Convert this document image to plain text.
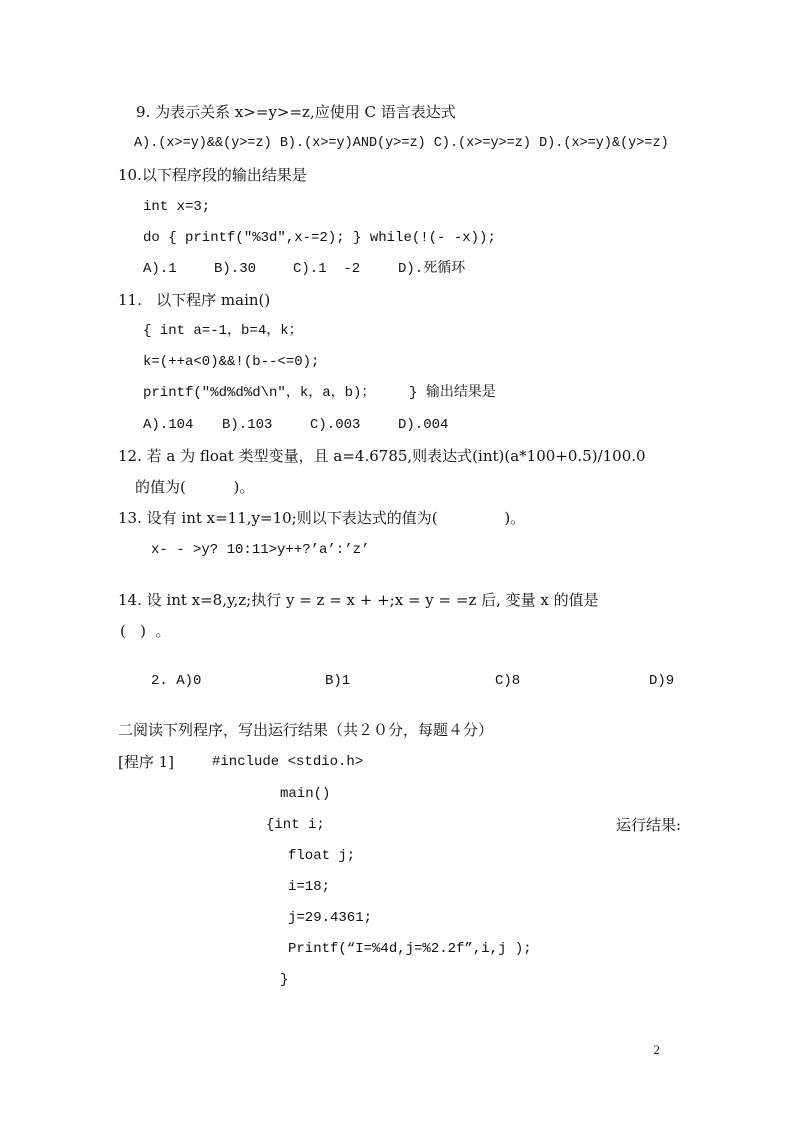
9. 为表示关系 x>=y>=z,应使用 C 语言表达式
A).(x>=y)&&(y>=z) B).(x>=y)AND(y>=z) C).(x>=y>=z) D).(x>=y)&(y>=z)
10.以下程序段的输出结果是
int x=3;
do { printf("%3d",x-=2); } while(!(- -x));
A).1	B).30	C).1  -2	D).死循环
11.   以下程序 main()
{ int a=-1，b=4，k；
k=(++a<0)&&!(b--<=0);
printf("%d%d%d\n"，k，a，b)；    } 输出结果是
A).104 B).103	C).003	D).004
12. 若 a 为 float 类型变量，且 a=4.6785,则表达式(int)(a*100+0.5)/100.0
的值为(          )。
13. 设有 int x=11,y=10;则以下表达式的值为(              )。
x- - >y? 10:11>y++?’a’:’z’
14. 设 int x=8,y,z;执行 y = z = x + +;x = y = =z 后, 变量 x 的值是
(   )  。
2. A)0	B)1	C)8	D)9
二阅读下列程序，写出运行结果（共２０分，每题４分）
[程序 1]	#include <stdio.h>
main()
{int i;	运行结果:
float j;
i=18;
j=29.4361;
Printf(“I=%4d,j=%2.2f”,i,j );
}
2
